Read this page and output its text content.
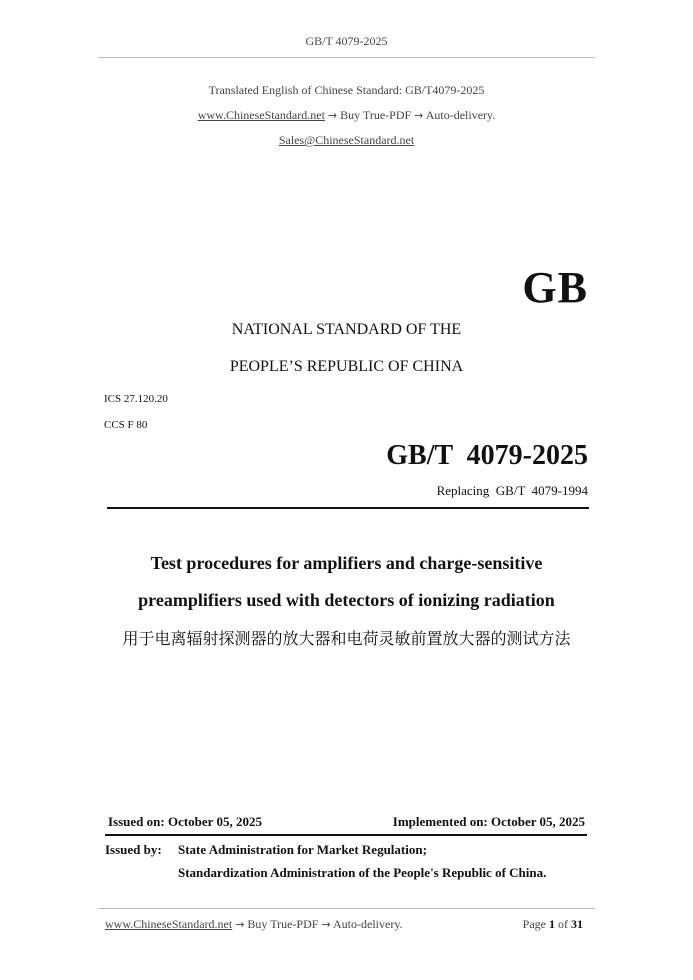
GB/T 4079-2025
Translated English of Chinese Standard: GB/T4079-2025
www.ChineseStandard.net → Buy True-PDF → Auto-delivery.
Sales@ChineseStandard.net
GB
NATIONAL STANDARD OF THE
PEOPLE’S REPUBLIC OF CHINA
ICS 27.120.20
CCS F 80
GB/T  4079-2025
Replacing  GB/T  4079-1994
Test procedures for amplifiers and charge-sensitive
preamplifiers used with detectors of ionizing radiation
用于电离辐射探测器的放大器和电荷灵敏前置放大器的测试方法
Issued on: October 05, 2025	Implemented on: October 05, 2025
Issued by: State Administration for Market Regulation;
Standardization Administration of the People's Republic of China.
www.ChineseStandard.net → Buy True-PDF → Auto-delivery.	Page 1 of 31
